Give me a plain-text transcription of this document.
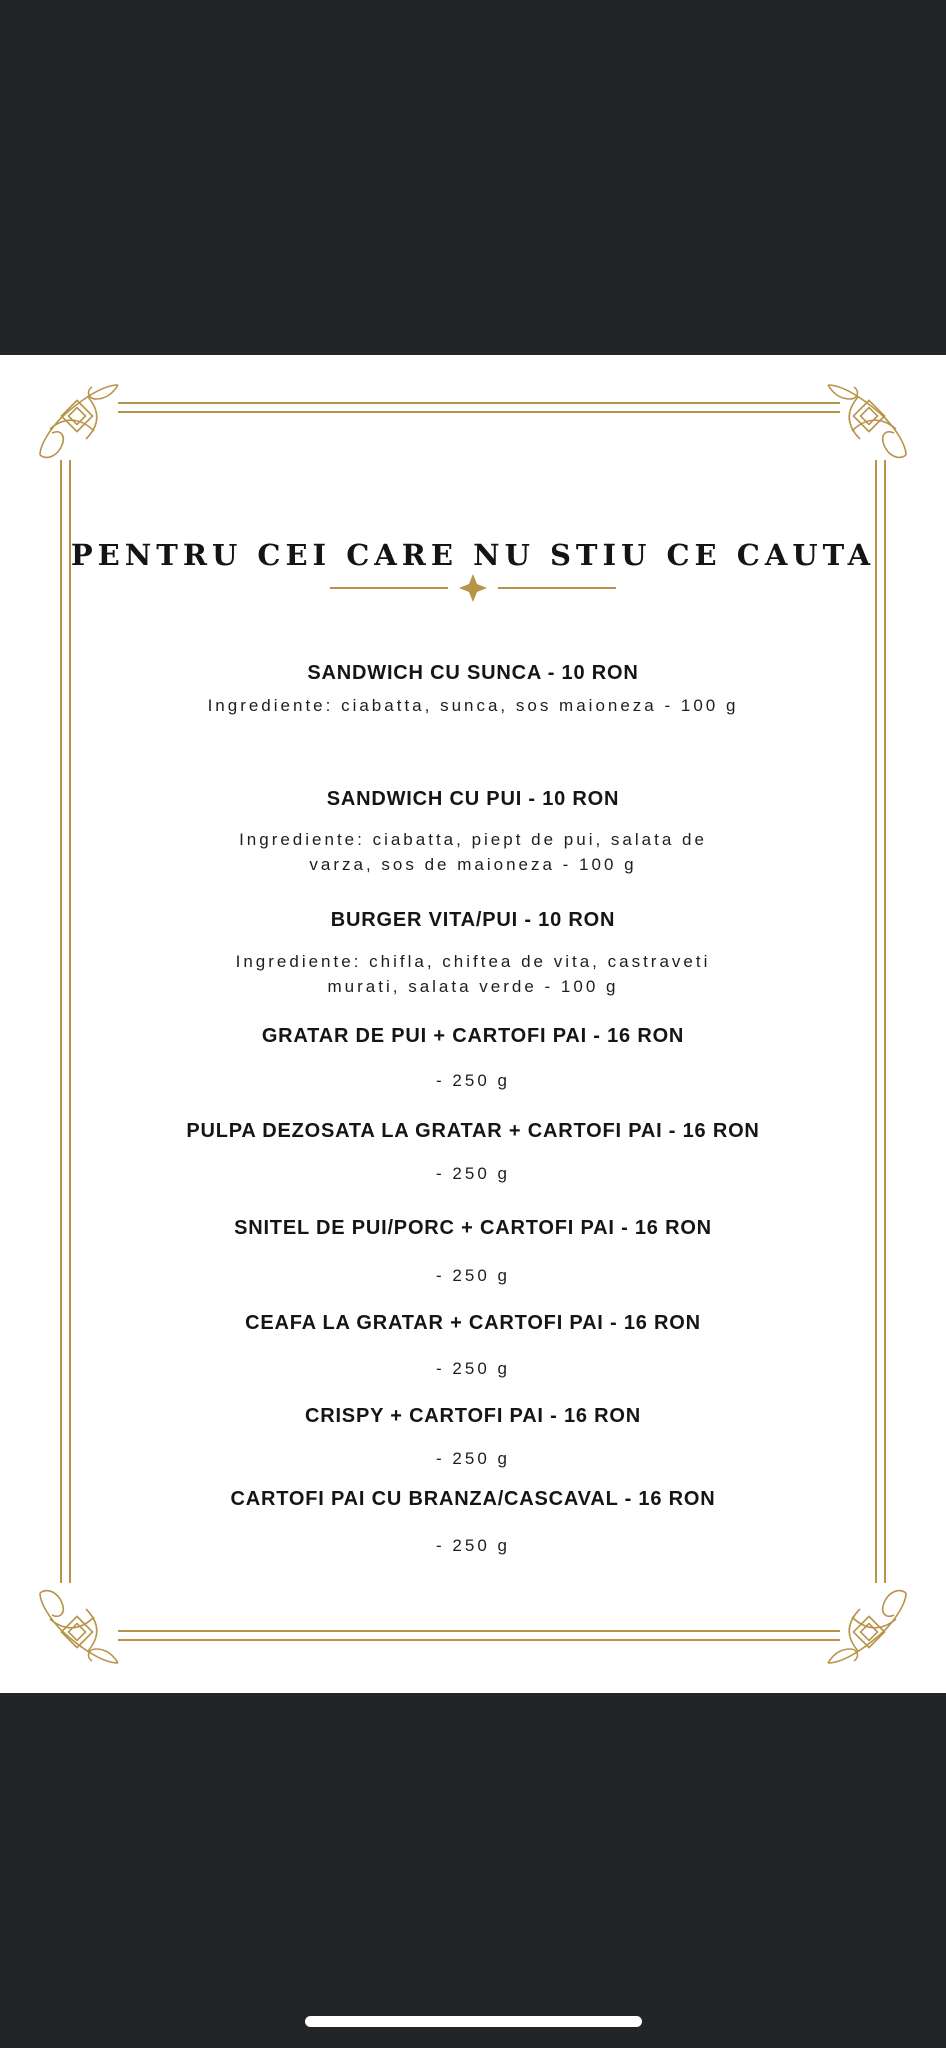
PENTRU CEI CARE NU STIU CE CAUTA
SANDWICH CU SUNCA - 10 RON
Ingrediente: ciabatta, sunca, sos maioneza - 100 g
SANDWICH CU PUI - 10 RON
Ingrediente: ciabatta, piept de pui, salata de
varza, sos de maioneza - 100 g
BURGER VITA/PUI - 10 RON
Ingrediente: chifla, chiftea de vita, castraveti
murati, salata verde - 100 g
GRATAR DE PUI + CARTOFI PAI - 16 RON
- 250 g
PULPA DEZOSATA LA GRATAR + CARTOFI PAI - 16 RON
- 250 g
SNITEL DE PUI/PORC + CARTOFI PAI - 16 RON
- 250 g
CEAFA LA GRATAR + CARTOFI PAI - 16 RON
- 250 g
CRISPY + CARTOFI PAI - 16 RON
- 250 g
CARTOFI PAI CU BRANZA/CASCAVAL - 16 RON
- 250 g
